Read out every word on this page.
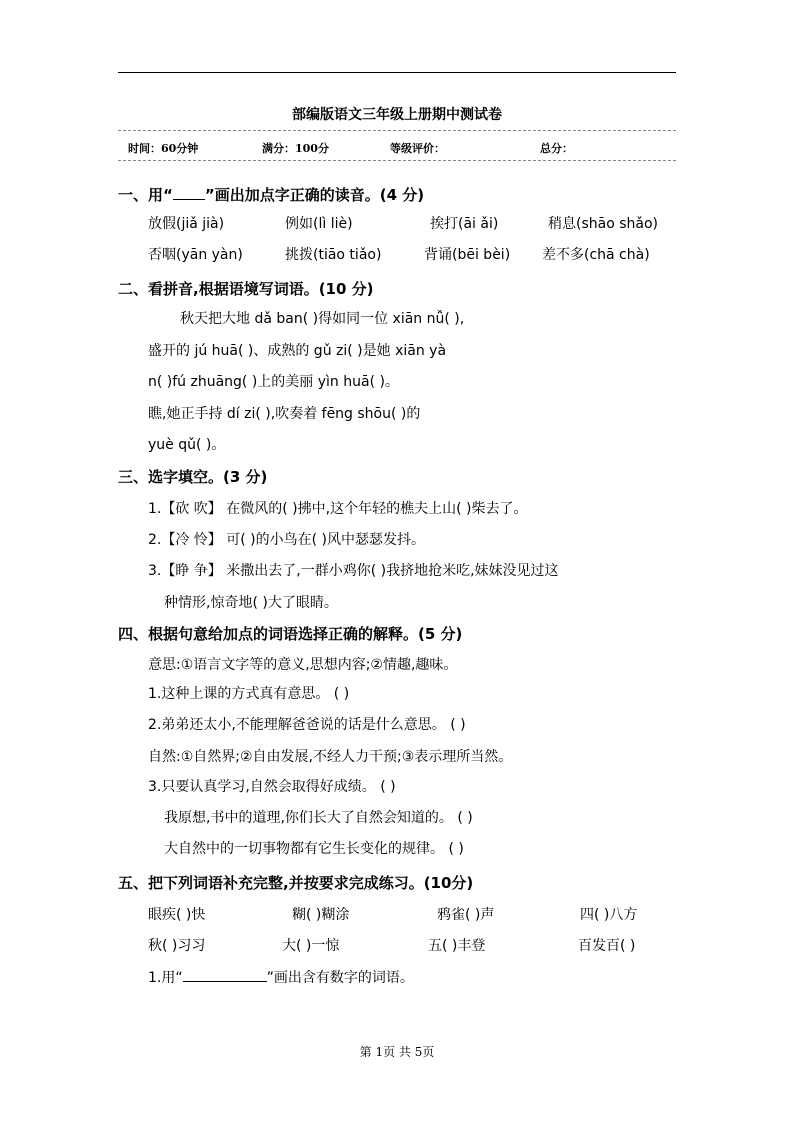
部编版语文三年级上册期中测试卷
时间：60分钟	满分：100分	等级评价：	总分：
一、用“ ”画出加点字正确的读音。(4 分)
放假(jiǎ jià)	例如(lì liè)	挨打(āi ǎi)	稍息(shāo shǎo)
否咽(yān yàn)	挑拨(tiāo tiǎo)	背诵(bēi bèi) 差不多(chā chà)
二、看拼音,根据语境写词语。(10 分)
秋天把大地 dǎ ban( )得如同一位 xiān nǚ( ),
盛开的 jú huā( )、成熟的 gǔ zi( )是她 xiān yà
n( )fú zhuāng( )上的美丽 yìn huā( )。
瞧,她正手持 dí zi( ),吹奏着 fēng shōu( )的
yuè qǔ( )。
三、选字填空。(3 分)
1.【砍 吹】 在微风的( )拂中,这个年轻的樵夫上山( )柴去了。
2.【冷 怜】 可( )的小鸟在( )风中瑟瑟发抖。
3.【睁 争】 米撒出去了,一群小鸡你( )我挤地抢米吃,妹妹没见过这
种情形,惊奇地( )大了眼睛。
四、根据句意给加点的词语选择正确的解释。(5 分)
意思:①语言文字等的意义,思想内容;②情趣,趣味。
1.这种上课的方式真有意思。 ( )
2.弟弟还太小,不能理解爸爸说的话是什么意思。 ( )
自然:①自然界;②自由发展,不经人力干预;③表示理所当然。
3.只要认真学习,自然会取得好成绩。 ( )
我原想,书中的道理,你们长大了自然会知道的。 ( )
大自然中的一切事物都有它生长变化的规律。 ( )
五、把下列词语补充完整,并按要求完成练习。(10分)
眼疾( )快	糊( )糊涂	鸦雀( )声	四( )八方
秋( )习习	大( )一惊	五( )丰登	百发百( )
1.用“	”画出含有数字的词语。
第 1页 共 5页
